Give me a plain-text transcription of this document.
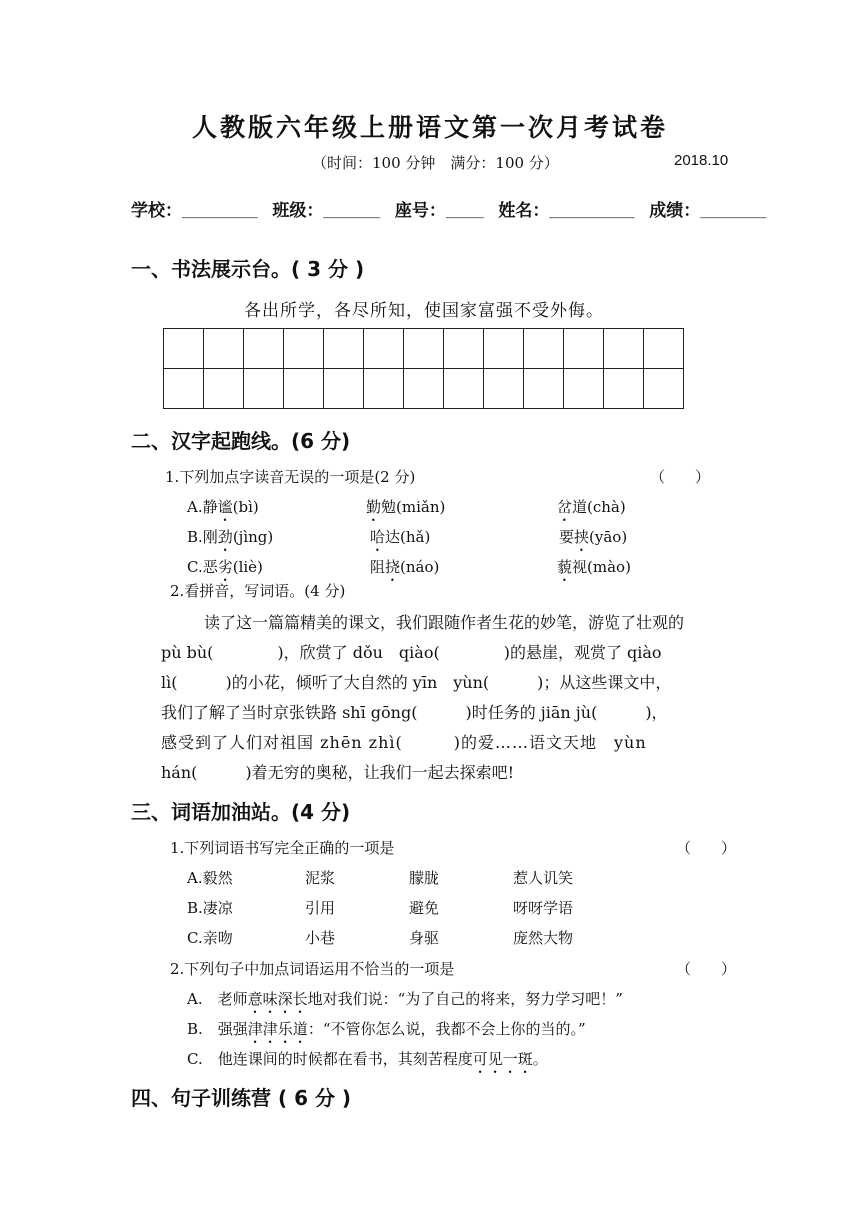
人教版六年级上册语文第一次月考试卷
（时间：100 分钟　满分：100 分）	2018.10
学校：________ 班级：______ 座号：____ 姓名：_________ 成绩：_______
一、书法展示台。( 3 分 )
各出所学，各尽所知，使国家富强不受外侮。

二、汉字起跑线。(6 分)
1.下列加点字读音无误的一项是(2 分)	（　　）
A.静谧(bì)	勤勉(miǎn)	岔道(chà)
B.刚劲(jìng)	哈达(hǎ)	要挟(yāo)
C.恶劣(liè)	阻挠(náo)	藐视(mào)
2.看拼音，写词语。(4 分)
读了这一篇篇精美的课文，我们跟随作者生花的妙笔，游览了壮观的
pù bù(　　　　)，欣赏了 dǒu　qiào(　　　　)的悬崖，观赏了 qiào
lì(　　　)的小花，倾听了大自然的 yīn　yùn(　　　)；从这些课文中，
我们了解了当时京张铁路 shī gōng(　　　)时任务的 jiān jù(　　　)，
感受到了人们对祖国 zhēn zhì(　　　)的爱……语文天地　yùn
hán(　　　)着无穷的奥秘，让我们一起去探索吧!
三、词语加油站。(4 分)
1.下列词语书写完全正确的一项是	（　　）
A.毅然	泥浆	朦胧	惹人讥笑
B.凄凉	引用	避免	呀呀学语
C.亲吻	小巷	身驱	庞然大物
2.下列句子中加点词语运用不恰当的一项是	（　　）
A.　老师意味深长地对我们说：“为了自己的将来，努力学习吧！”
B.　强强津津乐道：“不管你怎么说，我都不会上你的当的。”
C.　他连课间的时候都在看书，其刻苦程度可见一斑。
四、句子训练营 ( 6 分 )
